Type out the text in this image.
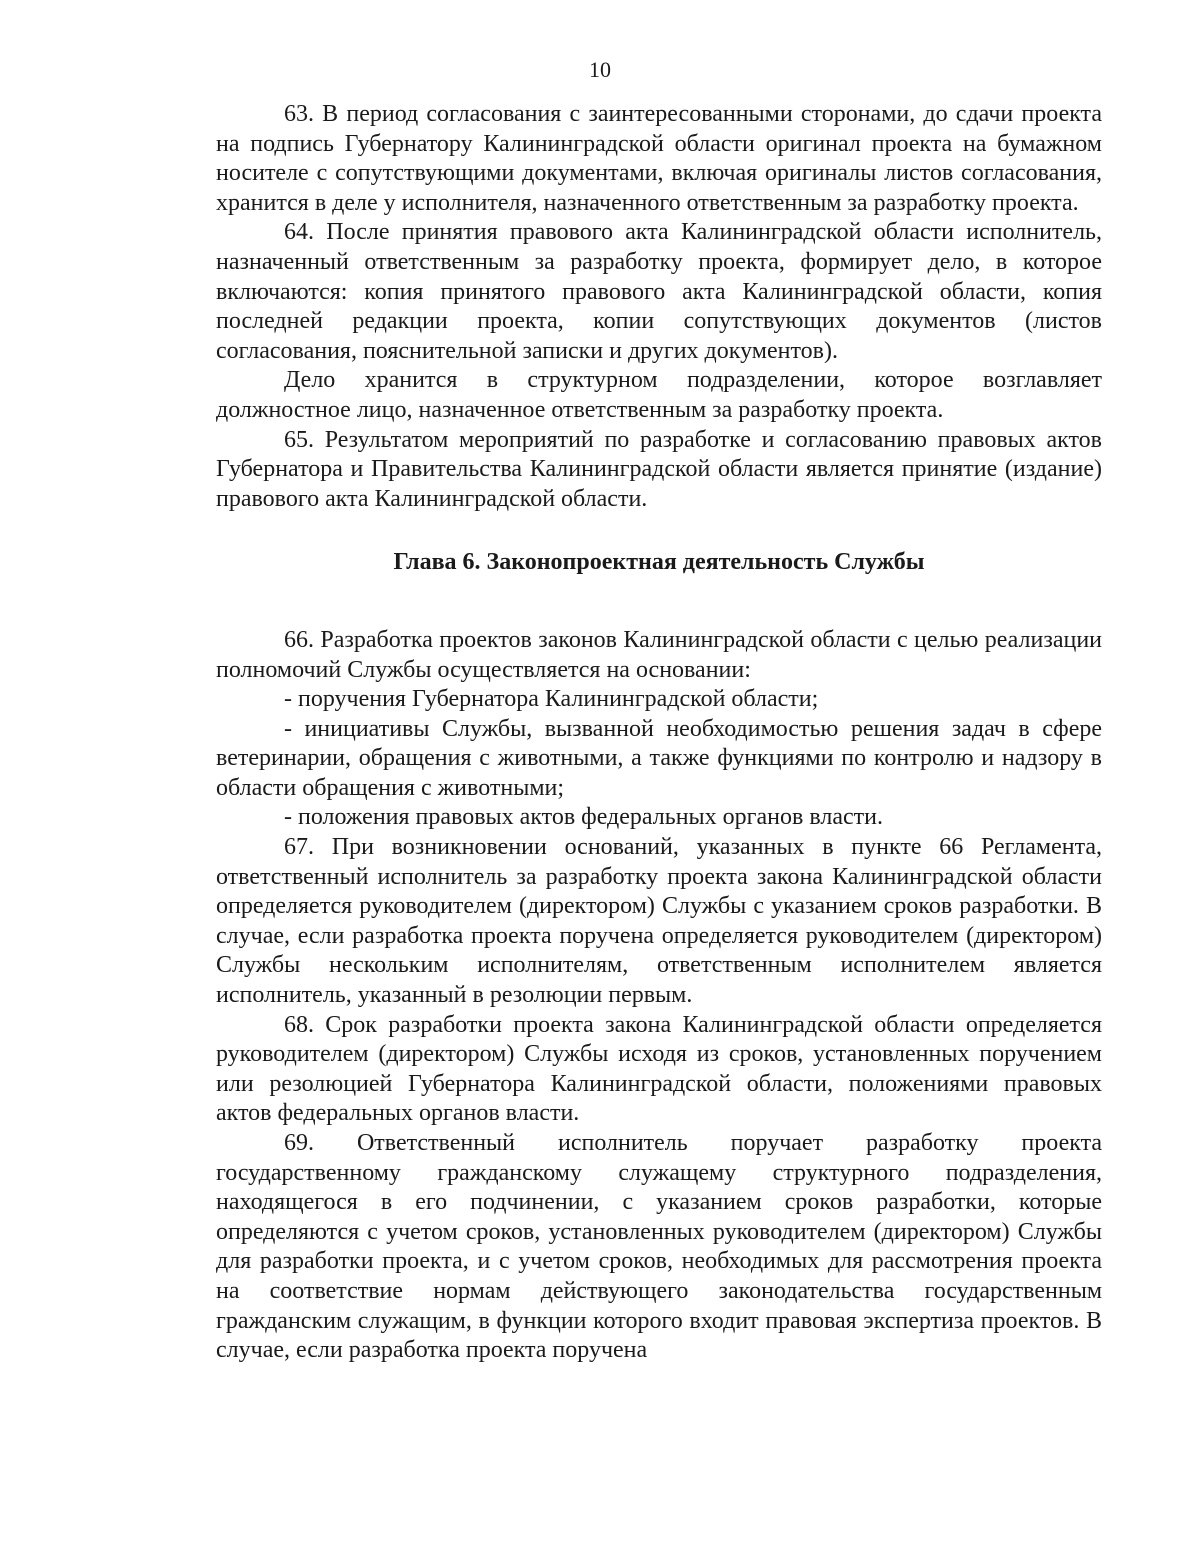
10

63. В период согласования с заинтересованными сторонами, до сдачи проекта на подпись Губернатору Калининградской области оригинал проекта на бумажном носителе с сопутствующими документами, включая оригиналы листов согласования, хранится в деле у исполнителя, назначенного ответственным за разработку проекта.

64. После принятия правового акта Калининградской области исполнитель, назначенный ответственным за разработку проекта, формирует дело, в которое включаются: копия принятого правового акта Калининградской области, копия последней редакции проекта, копии сопутствующих документов (листов согласования, пояснительной записки и других документов).

Дело хранится в структурном подразделении, которое возглавляет должностное лицо, назначенное ответственным за разработку проекта.

65. Результатом мероприятий по разработке и согласованию правовых актов Губернатора и Правительства Калининградской области является принятие (издание) правового акта Калининградской области.

Глава 6. Законопроектная деятельность Службы

66. Разработка проектов законов Калининградской области с целью реализации полномочий Службы осуществляется на основании:

- поручения Губернатора Калининградской области;

- инициативы Службы, вызванной необходимостью решения задач в сфере ветеринарии, обращения с животными, а также функциями по контролю и надзору в области обращения с животными;

- положения правовых актов федеральных органов власти.

67. При возникновении оснований, указанных в пункте 66 Регламента, ответственный исполнитель за разработку проекта закона Калининградской области определяется руководителем (директором) Службы с указанием сроков разработки. В случае, если разработка проекта поручена определяется руководителем (директором) Службы нескольким исполнителям, ответственным исполнителем является исполнитель, указанный в резолюции первым.

68. Срок разработки проекта закона Калининградской области определяется руководителем (директором) Службы исходя из сроков, установленных поручением или резолюцией Губернатора Калининградской области, положениями правовых актов федеральных органов власти.

69. Ответственный исполнитель поручает разработку проекта государственному гражданскому служащему структурного подразделения, находящегося в его подчинении, с указанием сроков разработки, которые определяются с учетом сроков, установленных руководителем (директором) Службы для разработки проекта, и с учетом сроков, необходимых для рассмотрения проекта на соответствие нормам действующего законодательства государственным гражданским служащим, в функции которого входит правовая экспертиза проектов. В случае, если разработка проекта поручена
